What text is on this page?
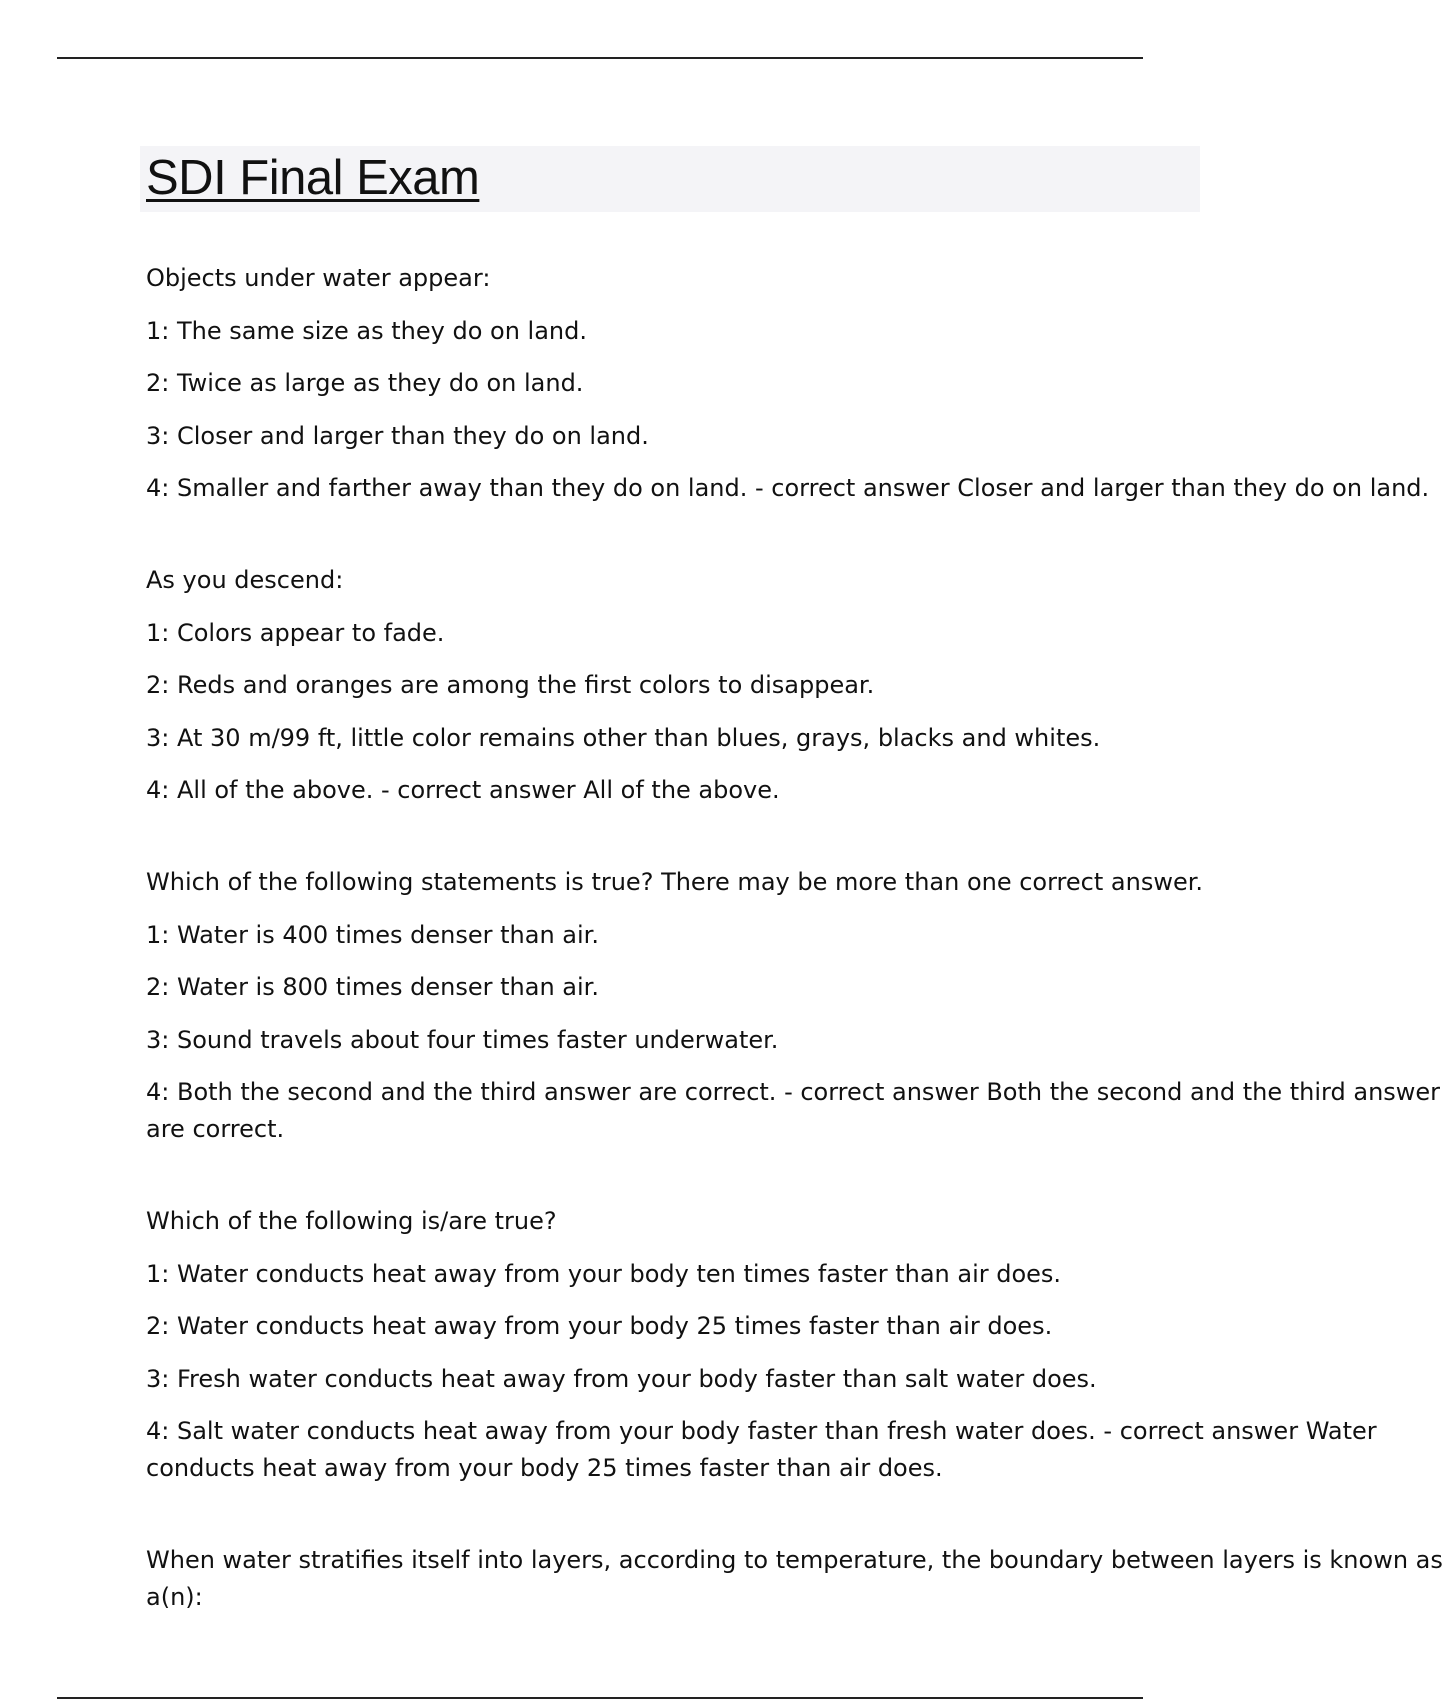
SDI Final Exam
Objects under water appear:
1: The same size as they do on land.
2: Twice as large as they do on land.
3: Closer and larger than they do on land.
4: Smaller and farther away than they do on land. - correct answer Closer and larger than they do on land.
As you descend:
1: Colors appear to fade.
2: Reds and oranges are among the first colors to disappear.
3: At 30 m/99 ft, little color remains other than blues, grays, blacks and whites.
4: All of the above. - correct answer All of the above.
Which of the following statements is true? There may be more than one correct answer.
1: Water is 400 times denser than air.
2: Water is 800 times denser than air.
3: Sound travels about four times faster underwater.
4: Both the second and the third answer are correct. - correct answer Both the second and the third answer are correct.
Which of the following is/are true?
1: Water conducts heat away from your body ten times faster than air does.
2: Water conducts heat away from your body 25 times faster than air does.
3: Fresh water conducts heat away from your body faster than salt water does.
4: Salt water conducts heat away from your body faster than fresh water does. - correct answer Water conducts heat away from your body 25 times faster than air does.
When water stratifies itself into layers, according to temperature, the boundary between layers is known as a(n):
